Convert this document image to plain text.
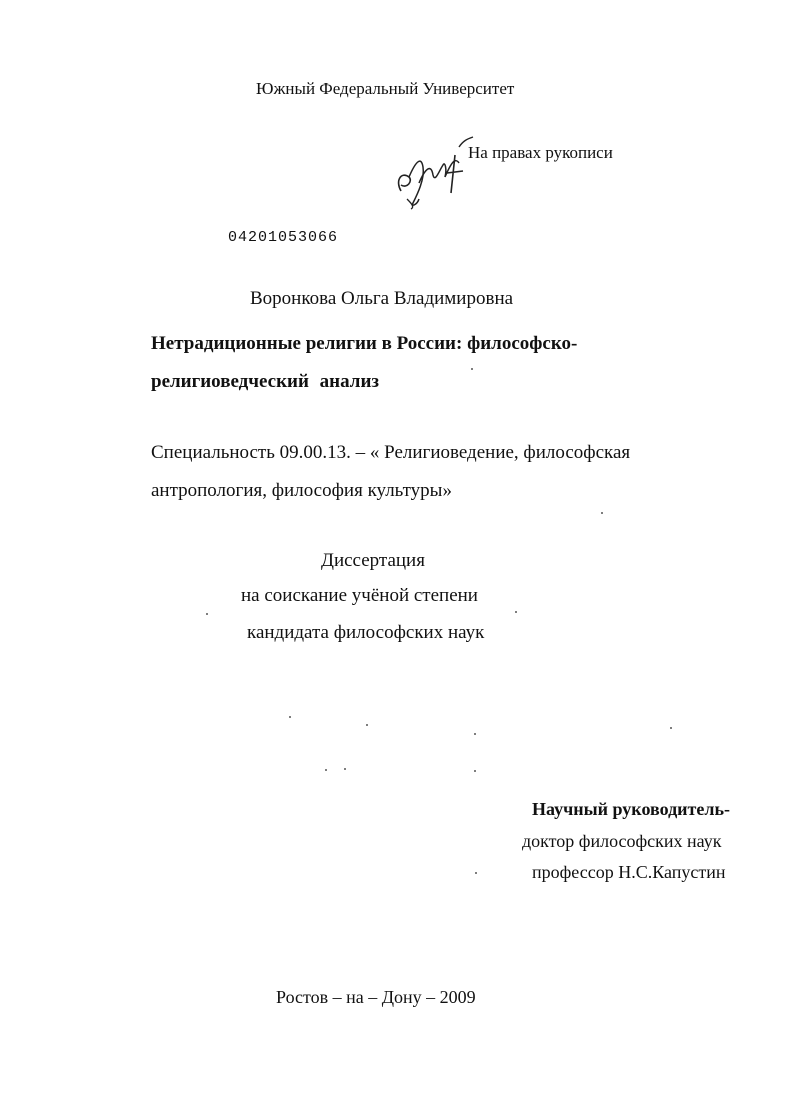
Южный Федеральный Университет
На правах рукописи
04201053066
Воронкова Ольга Владимировна
Нетрадиционные религии в России: философско-
религиоведческий анализ
Специальность 09.00.13. – « Религиоведение, философская
антропология, философия культуры»
Диссертация
на соискание учёной степени
кандидата философских наук
Научный руководитель-
доктор философских наук
профессор Н.С.Капустин
Ростов – на – Дону – 2009
